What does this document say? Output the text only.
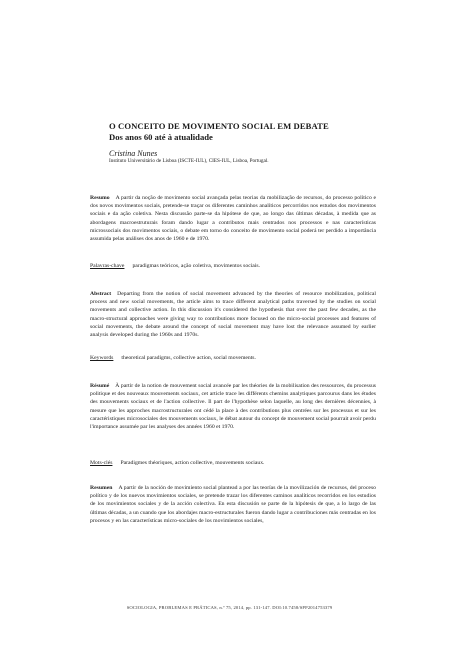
O CONCEITO DE MOVIMENTO SOCIAL EM DEBATE

Dos anos 60 até à atualidade

Cristina Nunes
Instituto Universitário de Lisboa (ISCTE-IUL), CIES-IUL, Lisboa, Portugal.
Resumo A partir da noção de movimento social avançada pelas teorias da mobilização de recursos, do processo político e dos novos movimentos sociais, pretende-se traçar os diferentes caminhos analíticos percorridos nos estudos dos movimentos sociais e da ação coletiva. Nesta discussão parte-se da hipótese de que, ao longo das últimas décadas, à medida que as abordagens macroestruturais foram dando lugar a contributos mais centrados nos processos e nas características microssociais dos movimentos sociais, o debate em torno do conceito de movimento social poderá ter perdido a importância assumida pelas análises dos anos de 1960 e de 1970.
Palavras-chave paradigmas teóricos, ação coletiva, movimentos sociais.
Abstract Departing from the notion of social movement advanced by the theories of resource mobilization, political process and new social movements, the article aims to trace different analytical paths traversed by the studies on social movements and collective action. In this discussion it's considered the hypothesis that over the past few decades, as the macro-structural approaches were giving way to contributions more focused on the micro-social processes and features of social movements, the debate around the concept of social movement may have lost the relevance assumed by earlier analysis developed during the 1960s and 1970s.
Keywords theoretical paradigms, collective action, social movements.
Résumé À partir de la notion de mouvement social avancée par les théories de la mobilisation des ressources, du processus politique et des nouveaux mouvements sociaux, cet article trace les différents chemins analytiques parcourus dans les études des mouvements sociaux et de l'action collective. Il part de l'hypothèse selon laquelle, au long des dernières décennies, à mesure que les approches macrostructurales ont cédé la place à des contributions plus centrées sur les processus et sur les caractéristiques microsociales des mouvements sociaux, le débat autour du concept de mouvement social pourrait avoir perdu l'importance assumée par les analyses des années 1960 et 1970.
Mots-clés Paradigmes théoriques, action collective, mouvements sociaux.
Resumen A partir de la noción de movimiento social plantead a por las teorías de la movilización de recursos, del proceso político y de los nuevos movimientos sociales, se pretende trazar los diferentes caminos analíticos recorridos en los estudios de los movimientos sociales y de la acción colectiva. En esta discusión se parte de la hipótesis de que, a lo largo de las últimas décadas, a un cuando que los abordajes macro-estructurales fueron dando lugar a contribuciones más centradas en los procesos y en las características micro-sociales de los movimientos sociales,
SOCIOLOGIA, PROBLEMAS E PRÁTICAS, n.º 75, 2014, pp. 131-147. DOI:10.7458/SPP2014753379
